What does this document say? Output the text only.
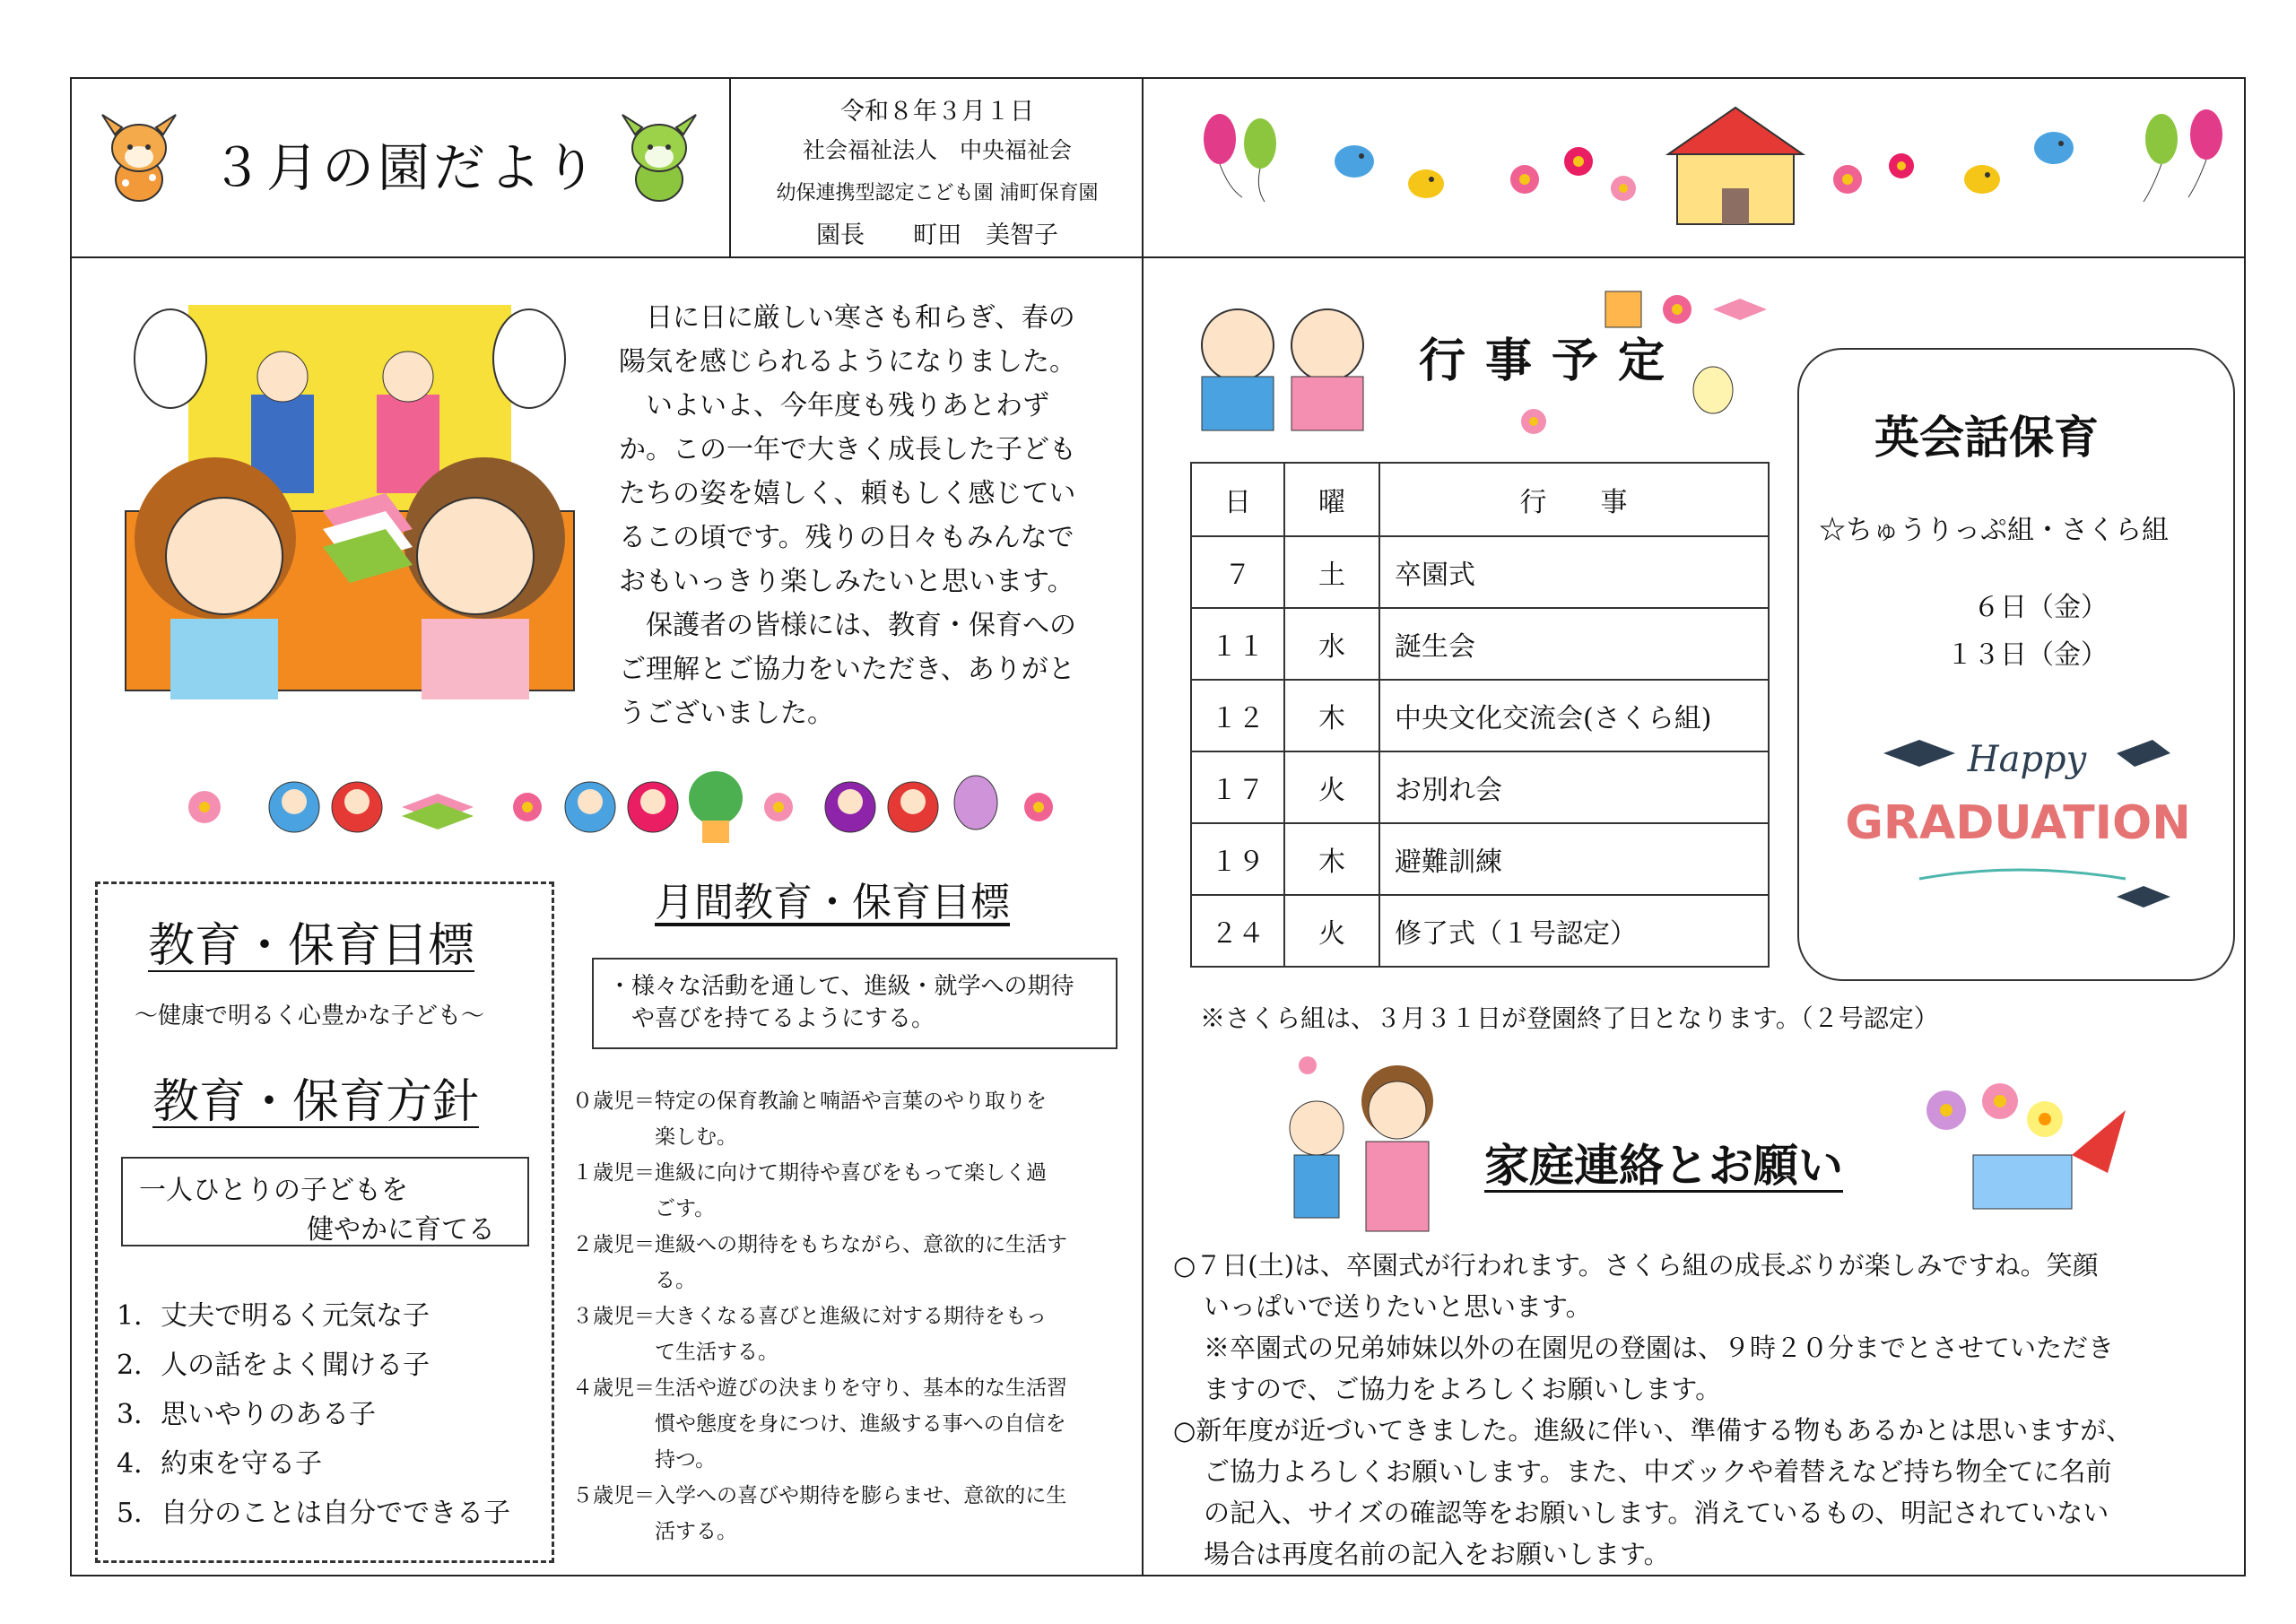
３月の園だより
令和８年３月１日
社会福祉法人　中央福祉会
幼保連携型認定こども園 浦町保育園
園長　　町田　美智子

　日に日に厳しい寒さも和らぎ、春の

陽気を感じられるようになりました。

　いよいよ、今年度も残りあとわず

か。この一年で大きく成長した子ども

たちの姿を嬉しく、頼もしく感じてい

るこの頃です。残りの日々もみんなで

おもいっきり楽しみたいと思います。

　保護者の皆様には、教育・保育への

ご理解とご協力をいただき、ありがと

うございました。

教育・保育目標
～健康で明るく心豊かな子ども～
教育・保育方針
一人ひとりの子どもを
健やかに育てる
1．丈夫で明るく元気な子
2．人の話をよく聞ける子
3．思いやりのある子
4．約束を守る子
5．自分のことは自分でできる子
月間教育・保育目標
・様々な活動を通して、進級・就学への期待
　や喜びを持てるようにする。
０歳児＝ 特定の保育教諭と喃語や言葉のやり取りを
楽しむ。
１歳児＝ 進級に向けて期待や喜びをもって楽しく過
ごす。
２歳児＝ 進級への期待をもちながら、意欲的に生活す
る。
３歳児＝ 大きくなる喜びと進級に対する期待をもっ
て生活する。
４歳児＝ 生活や遊びの決まりを守り、基本的な生活習
慣や態度を身につけ、進級する事への自信を
持つ。
５歳児＝ 入学への喜びや期待を膨らませ、意欲的に生
活する。
行事予定
日	曜	行　　事
７	土	卒園式
１１	水	誕生会
１２	木	中央文化交流会(さくら組)
１７	火	お別れ会
１９	木	避難訓練
２４	火	修了式（１号認定）
※さくら組は、３月３１日が登園終了日となります。（２号認定）
英会話保育
☆ちゅうりっぷ組・さくら組
６日（金）
１３日（金）
Happy
GRADUATION
家庭連絡とお願い

○７日(土)は、卒園式が行われます。さくら組の成長ぶりが楽しみですね。笑顔

いっぱいで送りたいと思います。

※卒園式の兄弟姉妹以外の在園児の登園は、９時２０分までとさせていただき

ますので、ご協力をよろしくお願いします。

○新年度が近づいてきました。進級に伴い、準備する物もあるかとは思いますが、

ご協力よろしくお願いします。また、中ズックや着替えなど持ち物全てに名前

の記入、サイズの確認等をお願いします。消えているもの、明記されていない

場合は再度名前の記入をお願いします。
